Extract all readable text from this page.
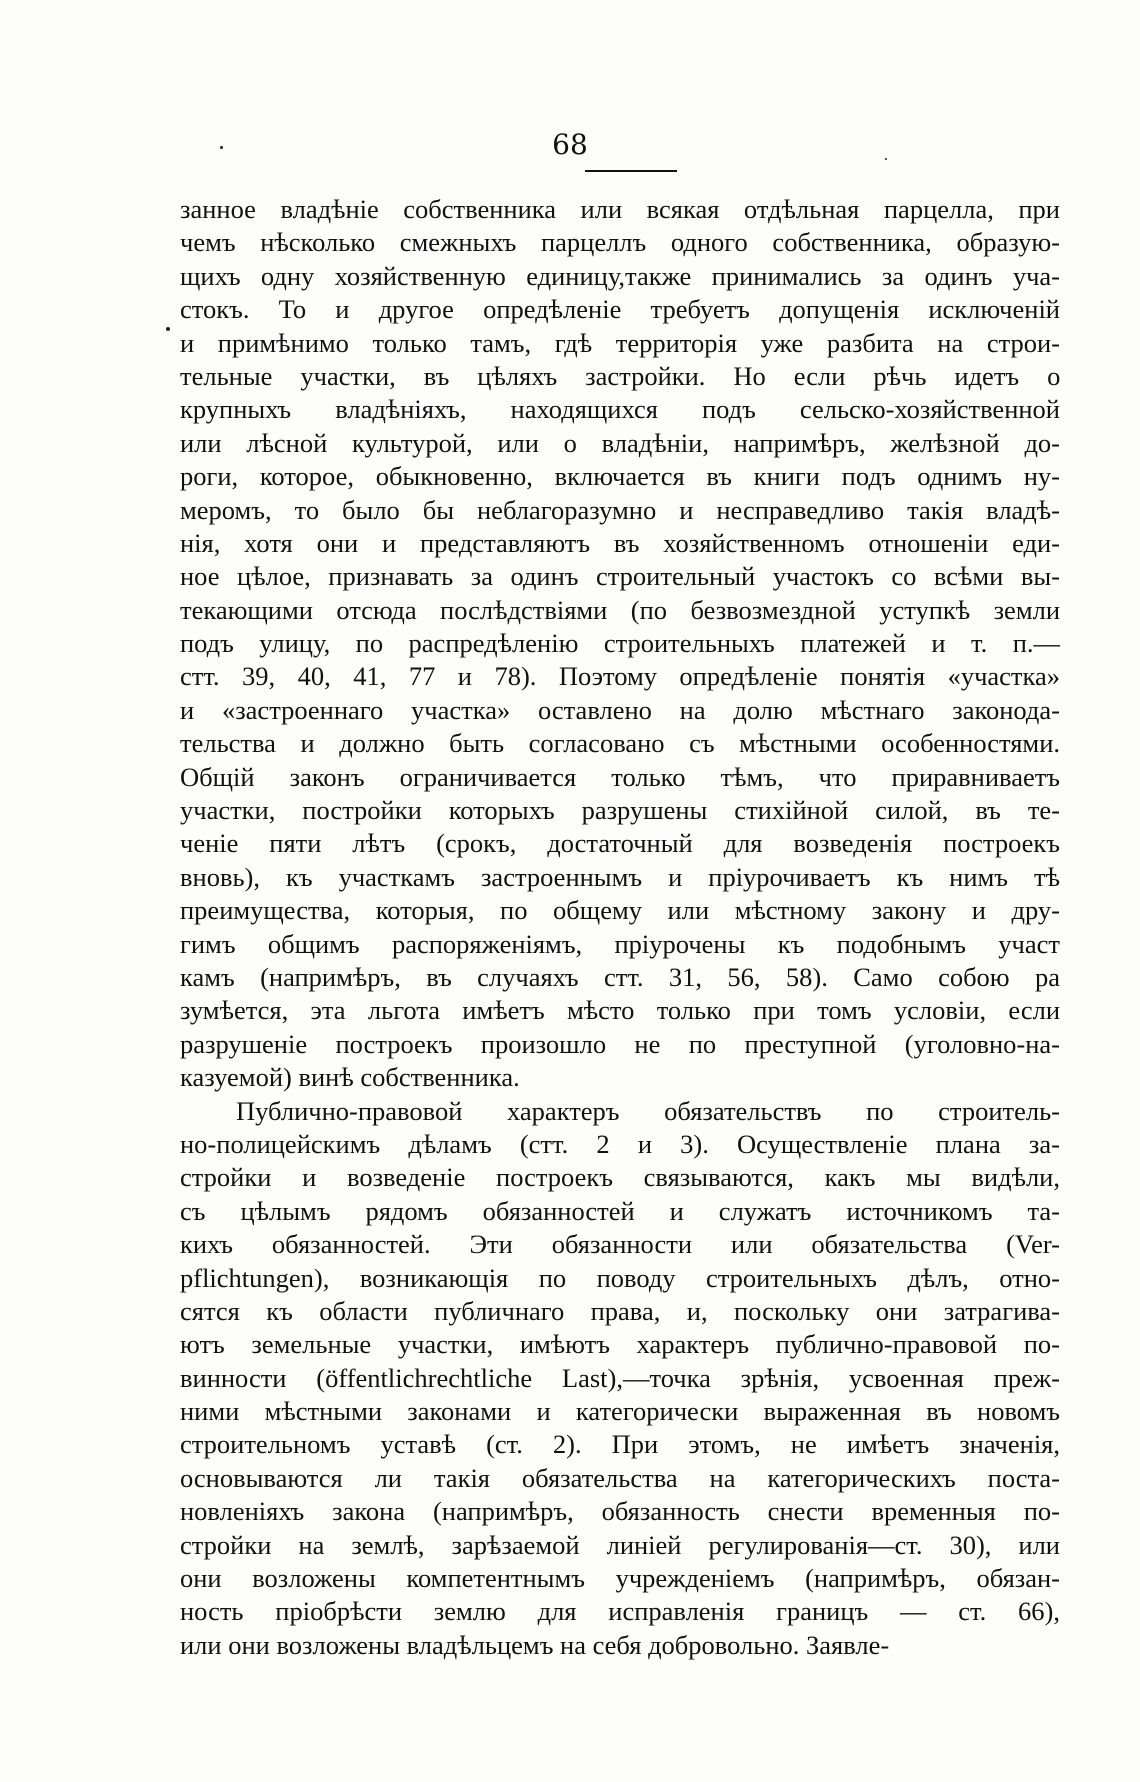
68
занное владѣніе собственника или всякая отдѣльная парцелла, при
чемъ нѣсколько смежныхъ парцеллъ одного собственника, образую-
щихъ одну хозяйственную единицу,также принимались за одинъ уча-
стокъ. То и другое опредѣленіе требуетъ допущенія исключеній
и примѣнимо только тамъ, гдѣ территорія уже разбита на строи-
тельные участки, въ цѣляхъ застройки. Но если рѣчь идетъ о
крупныхъ владѣніяхъ, находящихся подъ сельско-хозяйственной
или лѣсной культурой, или о владѣніи, напримѣръ, желѣзной до-
роги, которое, обыкновенно, включается въ книги подъ однимъ ну-
меромъ, то было бы неблагоразумно и несправедливо такія владѣ-
нія, хотя они и представляютъ въ хозяйственномъ отношеніи еди-
ное цѣлое, признавать за одинъ строительный участокъ со всѣми вы-
текающими отсюда послѣдствіями (по безвозмездной уступкѣ земли
подъ улицу, по распредѣленію строительныхъ платежей и т. п.—
стт. 39, 40, 41, 77 и 78). Поэтому опредѣленіе понятія «участка»
и «застроеннаго участка» оставлено на долю мѣстнаго законода-
тельства и должно быть согласовано съ мѣстными особенностями.
Общій законъ ограничивается только тѣмъ, что приравниваетъ
участки, постройки которыхъ разрушены стихійной силой, въ те-
ченіе пяти лѣтъ (срокъ, достаточный для возведенія построекъ
вновь), къ участкамъ застроеннымъ и пріурочиваетъ къ нимъ тѣ
преимущества, которыя, по общему или мѣстному закону и дру-
гимъ общимъ распоряженіямъ, пріурочены къ подобнымъ участ
камъ (напримѣръ, въ случаяхъ стт. 31, 56, 58). Само собою ра
зумѣется, эта льгота имѣетъ мѣсто только при томъ условіи, если
разрушеніе построекъ произошло не по преступной (уголовно-на-
казуемой) винѣ собственника.
Публично-правовой характеръ обязательствъ по строитель-
но-полицейскимъ дѣламъ (стт. 2 и 3). Осуществленіе плана за-
стройки и возведеніе построекъ связываются, какъ мы видѣли,
съ цѣлымъ рядомъ обязанностей и служатъ источникомъ та-
кихъ обязанностей. Эти обязанности или обязательства (Ver-
pflichtungen), возникающія по поводу строительныхъ дѣлъ, отно-
сятся къ области публичнаго права, и, поскольку они затрагива-
ютъ земельные участки, имѣютъ характеръ публично-правовой по-
винности (öffentlichrechtliche Last),—точка зрѣнія, усвоенная преж-
ними мѣстными законами и категорически выраженная въ новомъ
строительномъ уставѣ (ст. 2). При этомъ, не имѣетъ значенія,
основываются ли такія обязательства на категорическихъ поста-
новленіяхъ закона (напримѣръ, обязанность снести временныя по-
стройки на землѣ, зарѣзаемой линіей регулированія—ст. 30), или
они возложены компетентнымъ учрежденіемъ (напримѣръ, обязан-
ность пріобрѣсти землю для исправленія границъ — ст. 66),
или они возложены владѣльцемъ на себя добровольно. Заявле-
